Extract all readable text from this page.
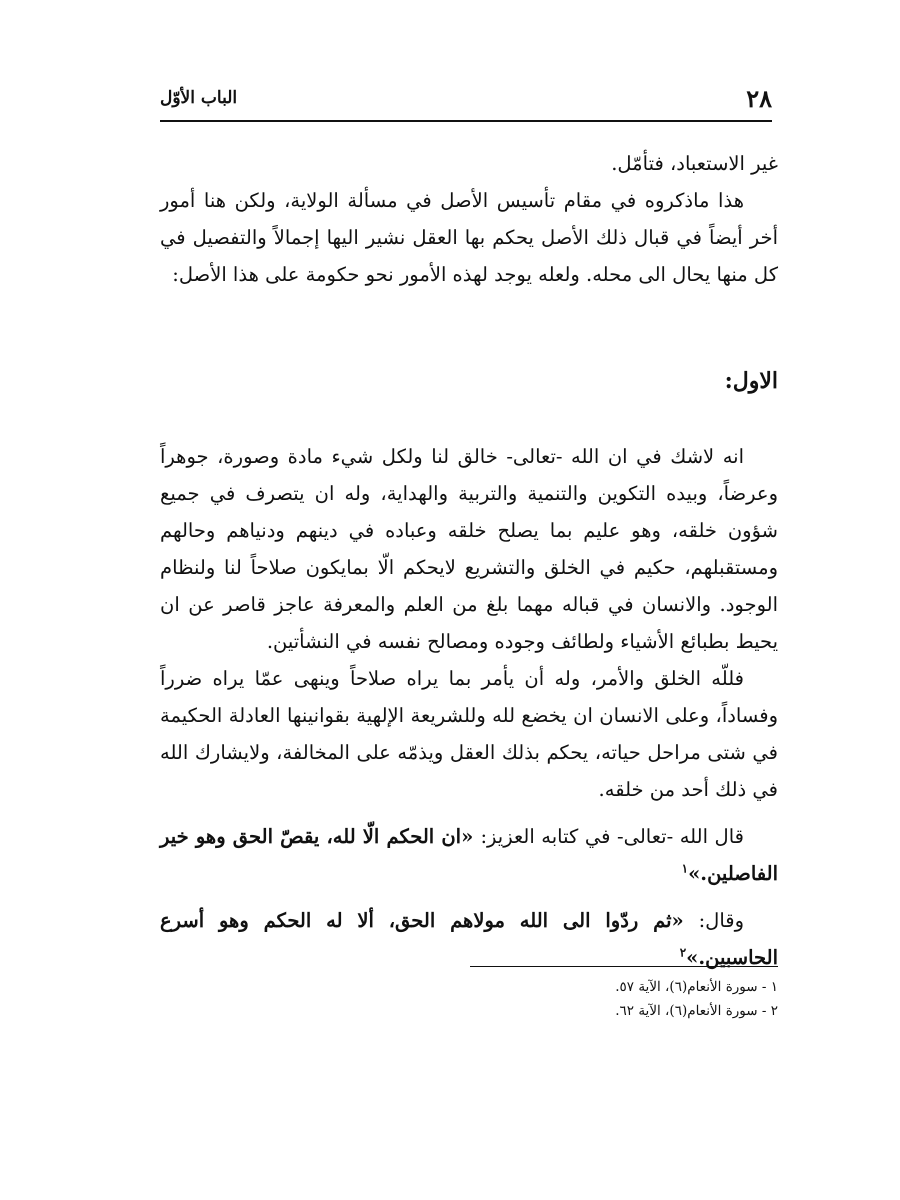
٢٨
الباب الأوّل

غير الاستعباد، فتأمّل.

هذا ماذكروه في مقام تأسيس الأصل في مسألة الولاية، ولكن هنا أمور أخر أيضاً في قبال ذلك الأصل يحكم بها العقل نشير اليها إجمالاً والتفصيل في كل منها يحال الى محله. ولعله يوجد لهذه الأمور نحو حكومة على هذا الأصل:

الاول:

انه لاشك في ان الله -تعالى- خالق لنا ولكل شيء مادة وصورة، جوهراً وعرضاً، وبيده التكوين والتنمية والتربية والهداية، وله ان يتصرف في جميع شؤون خلقه، وهو عليم بما يصلح خلقه وعباده في دينهم ودنياهم وحالهم ومستقبلهم، حكيم في الخلق والتشريع لايحكم الّا بمايكون صلاحاً لنا ولنظام الوجود. والانسان في قباله مهما بلغ من العلم والمعرفة عاجز قاصر عن ان يحيط بطبائع الأشياء ولطائف وجوده ومصالح نفسه في النشأتين.

فللّه الخلق والأمر، وله أن يأمر بما يراه صلاحاً وينهى عمّا يراه ضرراً وفساداً، وعلى الانسان ان يخضع لله وللشريعة الإلهية بقوانينها العادلة الحكيمة في شتى مراحل حياته، يحكم بذلك العقل ويذمّه على المخالفة، ولايشارك الله في ذلك أحد من خلقه.

قال الله -تعالى- في كتابه العزيز: «ان الحكم الّا لله، يقصّ الحق وهو خير الفاصلين.»$^١$

وقال: «ثم ردّوا الى الله مولاهم الحق، ألا له الحكم وهو أسرع الحاسبين.»$^٢$

١ - سورة الأنعام(٦)، الآية ٥٧.

٢ - سورة الأنعام(٦)، الآية ٦٢.
